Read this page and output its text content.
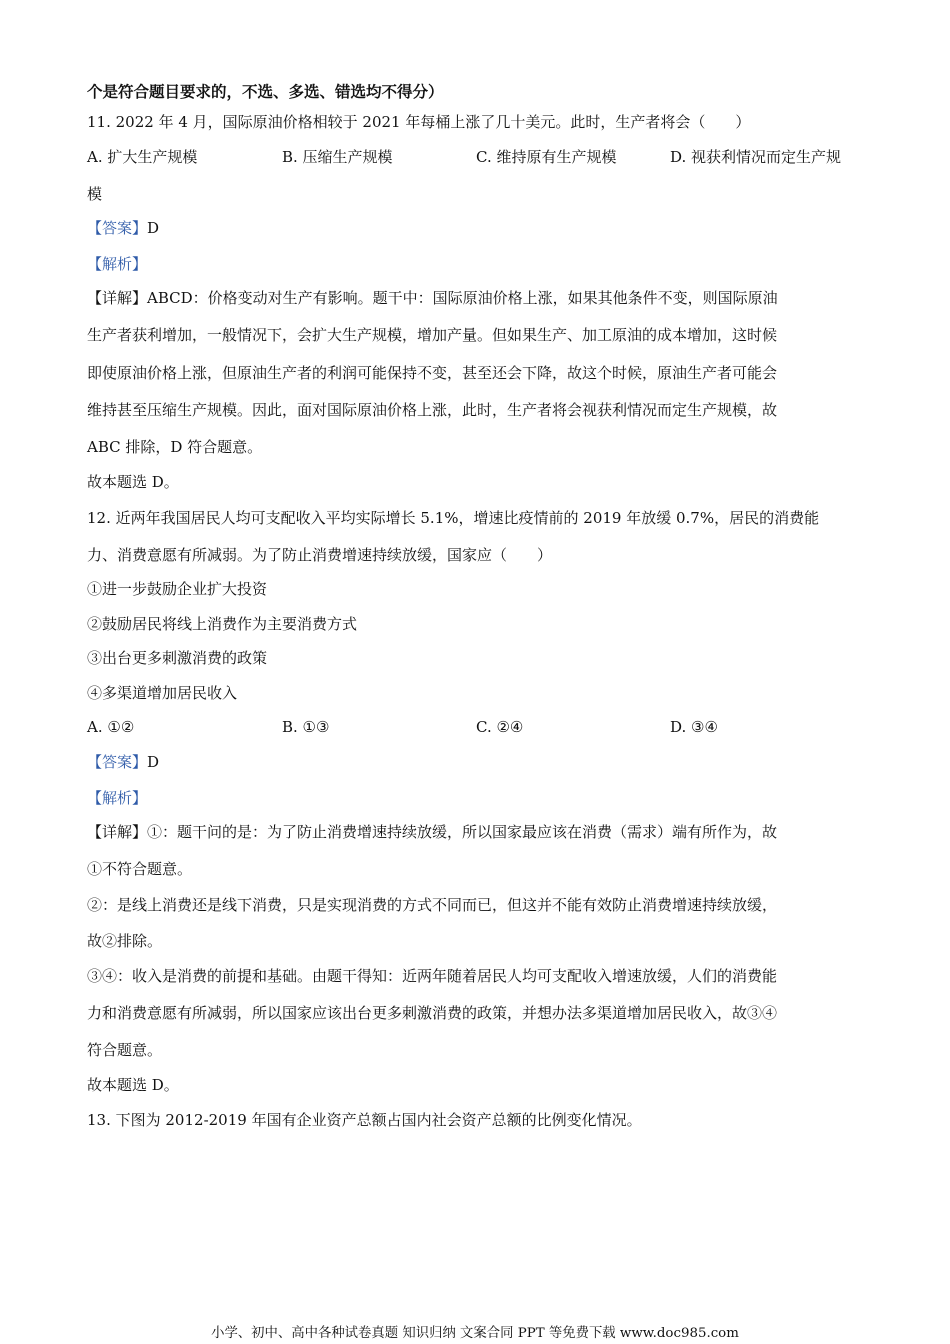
个是符合题目要求的，不选、多选、错选均不得分）
11. 2022 年 4 月，国际原油价格相较于 2021 年每桶上涨了几十美元。此时，生产者将会（　　）
A. 扩大生产规模	B. 压缩生产规模	C. 维持原有生产规模	D. 视获利情况而定生产规
模
【答案】D
【解析】
【详解】ABCD：价格变动对生产有影响。题干中：国际原油价格上涨，如果其他条件不变，则国际原油
生产者获利增加，一般情况下，会扩大生产规模，增加产量。但如果生产、加工原油的成本增加，这时候
即使原油价格上涨，但原油生产者的利润可能保持不变，甚至还会下降，故这个时候，原油生产者可能会
维持甚至压缩生产规模。因此，面对国际原油价格上涨，此时，生产者将会视获利情况而定生产规模，故
ABC 排除，D 符合题意。
故本题选 D。
12. 近两年我国居民人均可支配收入平均实际增长 5.1%，增速比疫情前的 2019 年放缓 0.7%，居民的消费能
力、消费意愿有所减弱。为了防止消费增速持续放缓，国家应（　　）
①进一步鼓励企业扩大投资
②鼓励居民将线上消费作为主要消费方式
③出台更多刺激消费的政策
④多渠道增加居民收入
A. ①②	B. ①③	C. ②④	D. ③④
【答案】D
【解析】
【详解】①：题干问的是：为了防止消费增速持续放缓，所以国家最应该在消费（需求）端有所作为，故
①不符合题意。
②：是线上消费还是线下消费，只是实现消费的方式不同而已，但这并不能有效防止消费增速持续放缓，
故②排除。
③④：收入是消费的前提和基础。由题干得知：近两年随着居民人均可支配收入增速放缓，人们的消费能
力和消费意愿有所减弱，所以国家应该出台更多刺激消费的政策，并想办法多渠道增加居民收入，故③④
符合题意。
故本题选 D。
13. 下图为 2012-2019 年国有企业资产总额占国内社会资产总额的比例变化情况。
小学、初中、高中各种试卷真题 知识归纳 文案合同 PPT 等免费下载 www.doc985.com
